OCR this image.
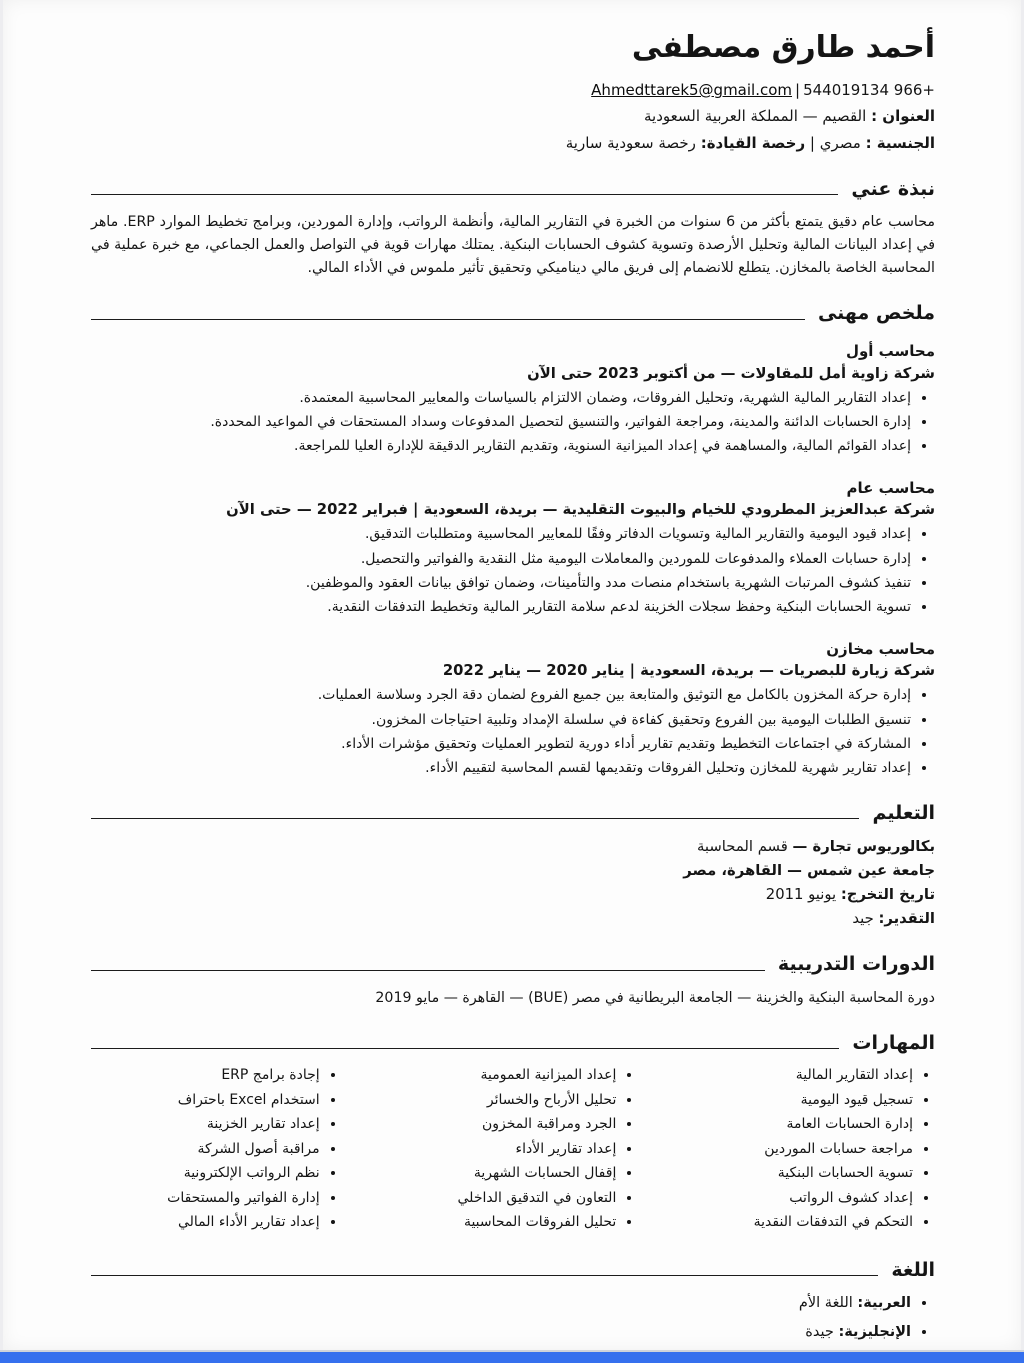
أحمد طارق مصطفى
+966 544019134|Ahmedttarek5@gmail.com
العنوان : القصيم — المملكة العربية السعودية
الجنسية : مصري | رخصة القيادة: رخصة سعودية سارية
نبذة عني

محاسب عام دقيق يتمتع بأكثر من 6 سنوات من الخبرة في التقارير المالية، وأنظمة الرواتب، وإدارة الموردين، وبرامج تخطيط الموارد ERP. ماهر في إعداد البيانات المالية وتحليل الأرصدة وتسوية كشوف الحسابات البنكية. يمتلك مهارات قوية في التواصل والعمل الجماعي، مع خبرة عملية في المحاسبة الخاصة بالمخازن. يتطلع للانضمام إلى فريق مالي ديناميكي وتحقيق تأثير ملموس في الأداء المالي.

ملخص مهنى
محاسب أول
شركة زاوية أمل للمقاولات — من أكتوبر 2023 حتى الآن
• إعداد التقارير المالية الشهرية، وتحليل الفروقات، وضمان الالتزام بالسياسات والمعايير المحاسبية المعتمدة.
• إدارة الحسابات الدائنة والمدينة، ومراجعة الفواتير، والتنسيق لتحصيل المدفوعات وسداد المستحقات في المواعيد المحددة.
• إعداد القوائم المالية، والمساهمة في إعداد الميزانية السنوية، وتقديم التقارير الدقيقة للإدارة العليا للمراجعة.
محاسب عام
شركة عبدالعزيز المطرودي للخيام والبيوت التقليدية — بريدة، السعودية | فبراير 2022 — حتى الآن
• إعداد قيود اليومية والتقارير المالية وتسويات الدفاتر وفقًا للمعايير المحاسبية ومتطلبات التدقيق.
• إدارة حسابات العملاء والمدفوعات للموردين والمعاملات اليومية مثل النقدية والفواتير والتحصيل.
• تنفيذ كشوف المرتبات الشهرية باستخدام منصات مدد والتأمينات، وضمان توافق بيانات العقود والموظفين.
• تسوية الحسابات البنكية وحفظ سجلات الخزينة لدعم سلامة التقارير المالية وتخطيط التدفقات النقدية.
محاسب مخازن
شركة زيارة للبصريات — بريدة، السعودية | يناير 2020 — يناير 2022
• إدارة حركة المخزون بالكامل مع التوثيق والمتابعة بين جميع الفروع لضمان دقة الجرد وسلاسة العمليات.
• تنسيق الطلبات اليومية بين الفروع وتحقيق كفاءة في سلسلة الإمداد وتلبية احتياجات المخزون.
• المشاركة في اجتماعات التخطيط وتقديم تقارير أداء دورية لتطوير العمليات وتحقيق مؤشرات الأداء.
• إعداد تقارير شهرية للمخازن وتحليل الفروقات وتقديمها لقسم المحاسبة لتقييم الأداء.
التعليم
بكالوريوس تجارة — قسم المحاسبة
جامعة عين شمس — القاهرة، مصر
تاريخ التخرج: يونيو 2011
التقدير: جيد
الدورات التدريبية

دورة المحاسبة البنكية والخزينة — الجامعة البريطانية في مصر (BUE) — القاهرة — مايو 2019

المهارات
• إعداد التقارير المالية
• تسجيل قيود اليومية
• إدارة الحسابات العامة
• مراجعة حسابات الموردين
• تسوية الحسابات البنكية
• إعداد كشوف الرواتب
• التحكم في التدفقات النقدية
• إعداد الميزانية العمومية
• تحليل الأرباح والخسائر
• الجرد ومراقبة المخزون
• إعداد تقارير الأداء
• إقفال الحسابات الشهرية
• التعاون في التدقيق الداخلي
• تحليل الفروقات المحاسبية
• إجادة برامج ERP
• استخدام Excel باحتراف
• إعداد تقارير الخزينة
• مراقبة أصول الشركة
• نظم الرواتب الإلكترونية
• إدارة الفواتير والمستحقات
• إعداد تقارير الأداء المالي
اللغة
• العربية: اللغة الأم
• الإنجليزية: جيدة
